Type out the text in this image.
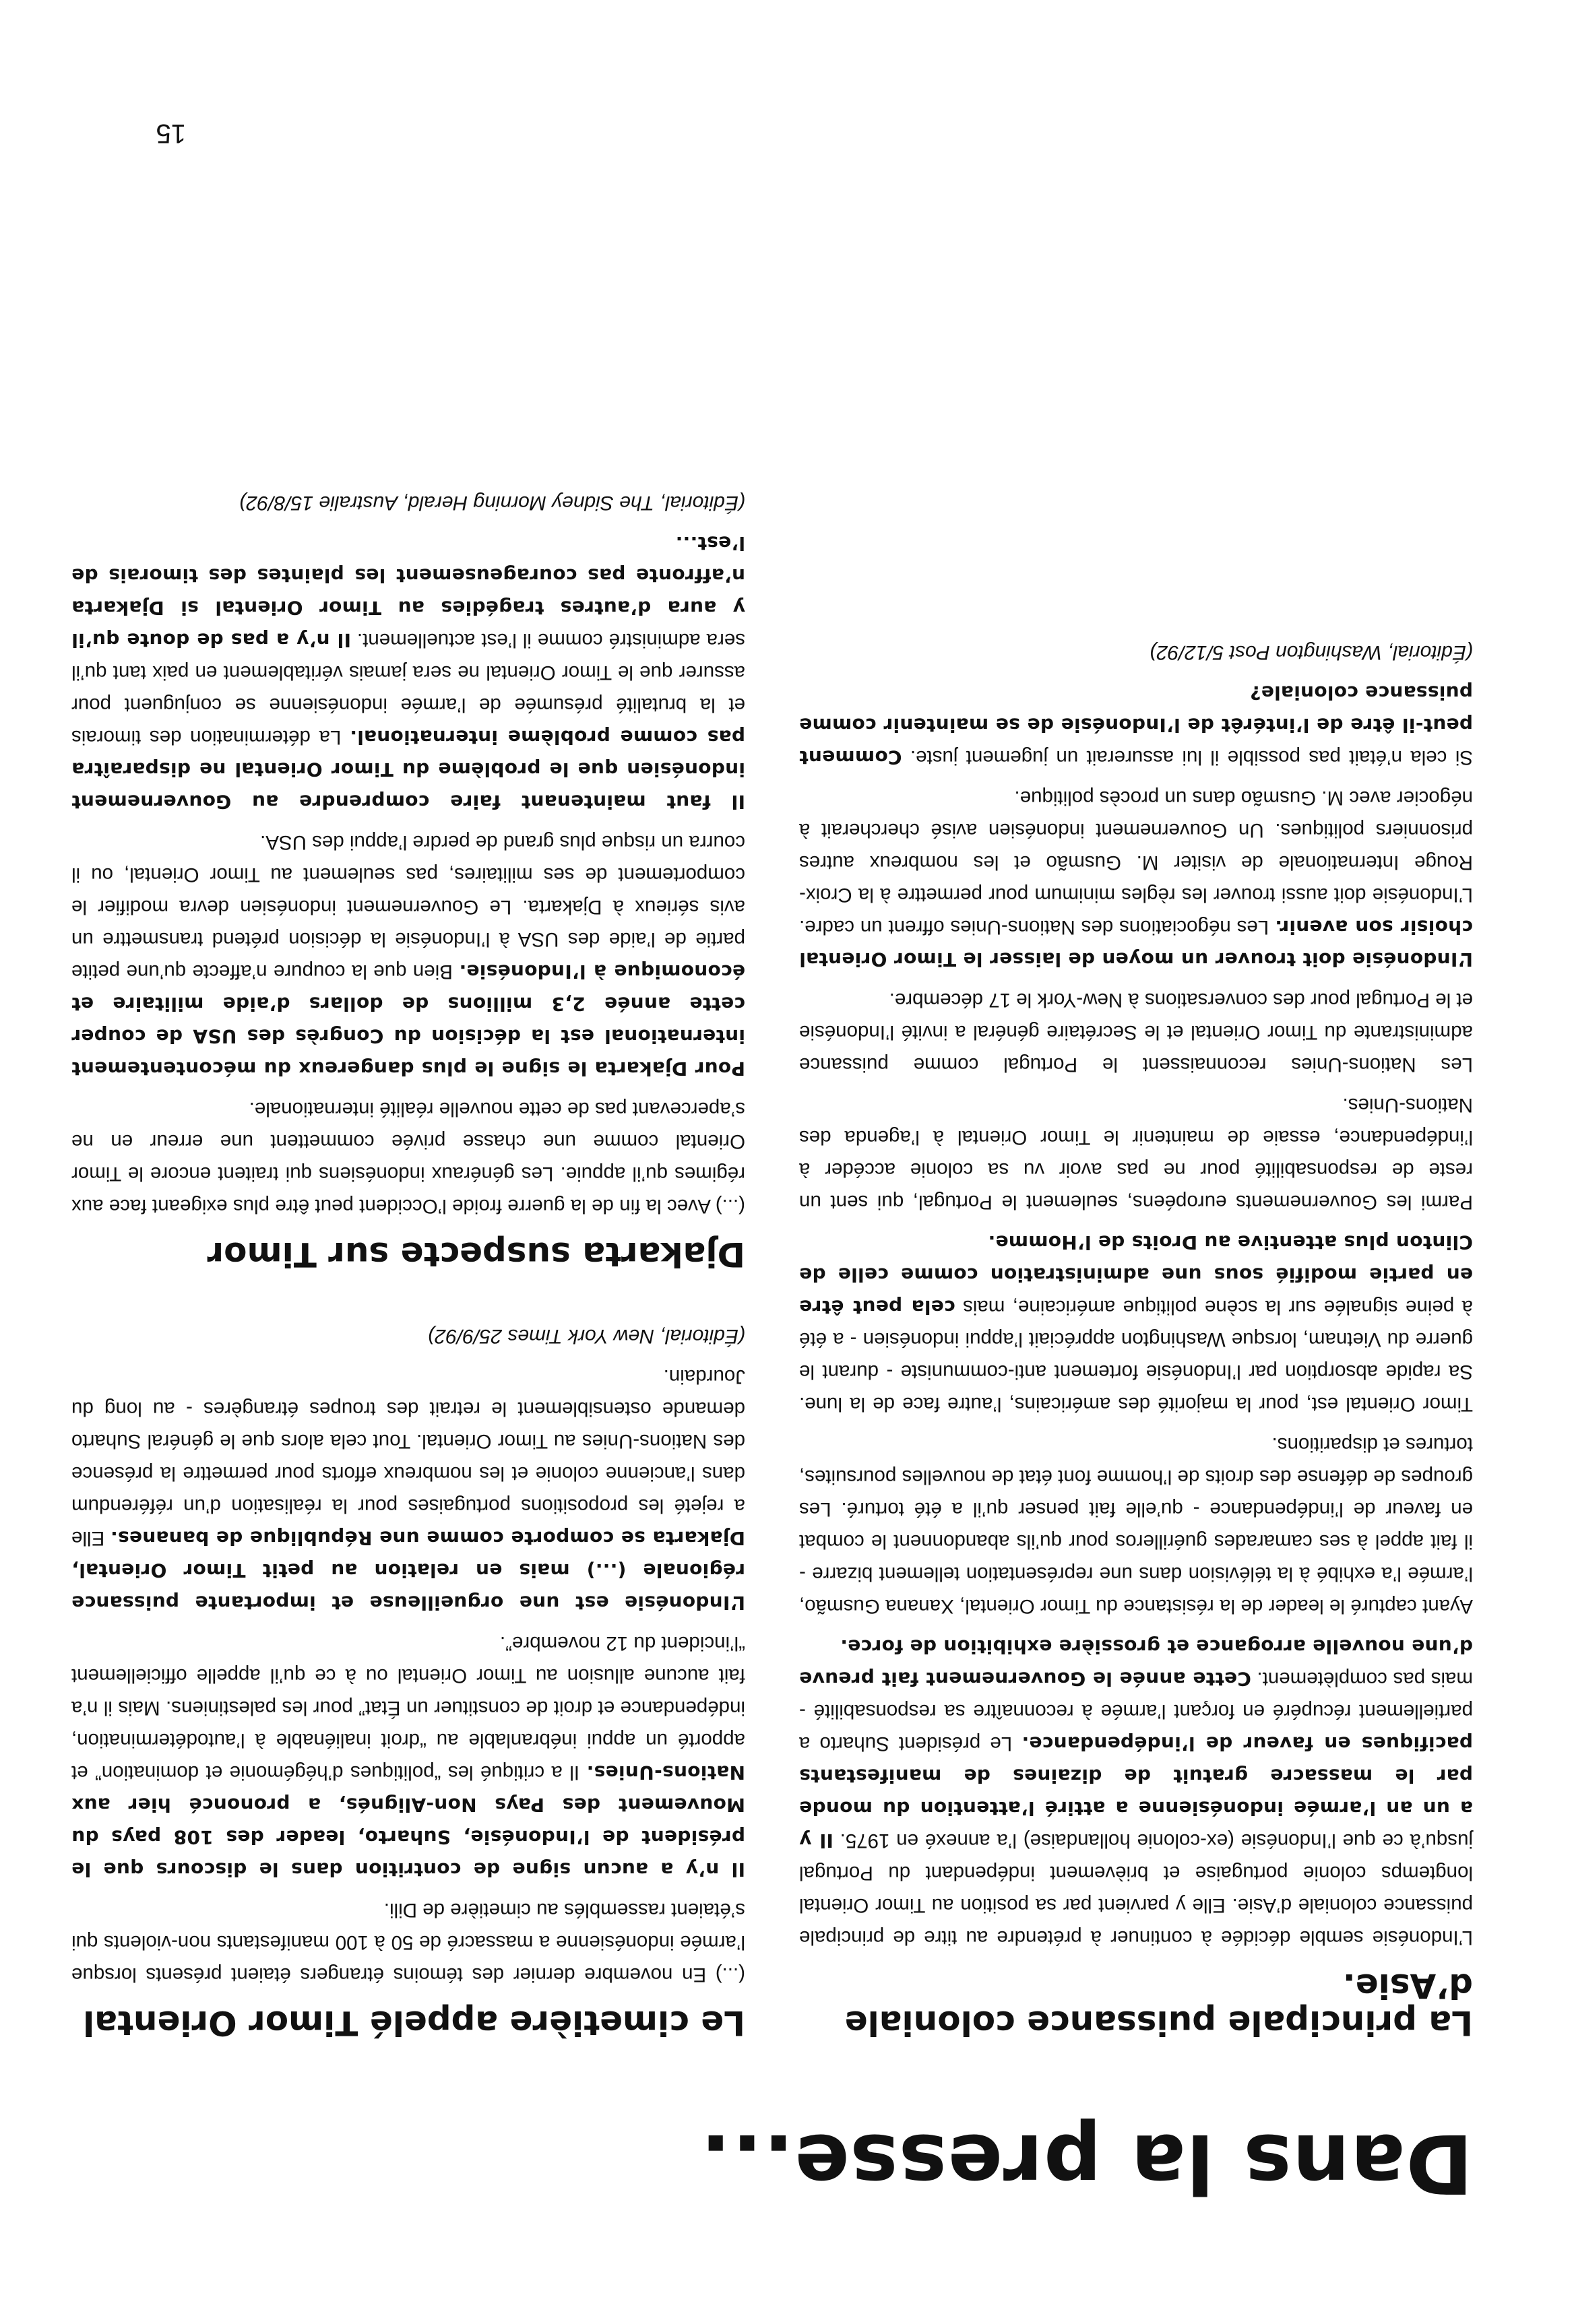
Dans la presse...
La principale puissance coloniale d’Asie.

L’Indonésie semble décidée à continuer à prétendre au titre de principale puissance coloniale d’Asie. Elle y parvient par sa position au Timor Oriental longtemps colonie portugaise et brièvement indépendant du Portugal jusqu’à ce que l’Indonésie (ex-colonie hollandaise) l’a annexé en 1975. Il y a un an l’armée indonésienne a attiré l’attention du monde par le massacre gratuit de dizaines de manifestants pacifiques en faveur de l’indépendance. Le président Suharto a partiellement récupéré en forçant l’armée à reconnaître sa responsabilité - mais pas complètement. Cette année le Gouvernement fait preuve d’une nouvelle arrogance et grossière exhibition de force.

Ayant capturé le leader de la résistance du Timor Oriental, Xanana Gusmão, l’armée l’a exhibé à la télévision dans une représentation tellement bizarre - il fait appel à ses camarades guérilleros pour qu’ils abandonnent le combat en faveur de l’indépendance - qu’elle fait penser qu’il a été torturé. Les groupes de défense des droits de l’homme font état de nouvelles poursuites, tortures et disparitions.

Timor Oriental est, pour la majorité des américains, l’autre face de la lune. Sa rapide absorption par l’Indonésie fortement anti-communiste - durant le guerre du Vietnam, lorsque Washington appréciait l’appui indonésien - a été à peine signalée sur la scène politique américaine, mais cela peut être en partie modifié sous une administration comme celle de Clinton plus attentive au Droits de l’Homme.

Parmi les Gouvernements européens, seulement le Portugal, qui sent un reste de responsabilité pour ne pas avoir vu sa colonie accéder à l’indépendance, essaie de maintenir le Timor Oriental à l’agenda des Nations-Unies.

Les Nations-Unies reconnaissent le Portugal comme puissance administrante du Timor Oriental et le Secrétaire général a invité l’Indonésie et le Portugal pour des conversations à New-York le 17 décembre.

L’Indonésie doit trouver un moyen de laisser le Timor Oriental choisir son avenir. Les négociations des Nations-Unies offrent un cadre. L’Indonésie doit aussi trouver les règles minimum pour permettre à la Croix-Rouge Internationale de visiter M. Gusmão et les nombreux autres prisonniers politiques. Un Gouvernement indonésien avisé chercherait à négocier avec M. Gusmão dans un procès politique.

Si cela n’était pas possible il lui assurerait un jugement juste. Comment peut-il être de l’intérêt de l’Indonésie de se maintenir comme puissance coloniale?

(Éditorial, Washington Post 5/12/92)
Le cimetière appelé Timor Oriental

(...) En novembre dernier des témoins étrangers étaient présents lorsque l’armée indonésienne a massacré de 50 à 100 manifestants non-violents qui s’étaient rassemblés au cimetière de Dili.

Il n’y a aucun signe de contrition dans le discours que le président de l’Indonésie, Suharto, leader des 108 pays du Mouvement des Pays Non-Alignés, a prononcé hier aux Nations-Unies. Il a critiqué les “politiques d’hégémonie et domination” et apporté un appui inébranlable au “droit inaliénable à l’autodétermination, indépendance et droit de constituer un État” pour les palestiniens. Mais il n’a fait aucune allusion au Timor Oriental ou à ce qu’il appelle officiellement “l’incident du 12 novembre”.

L’Indonésie est une orgueilleuse et importante puissance régionale (...) mais en relation au petit Timor Oriental, Djakarta se comporte comme une République de bananes. Elle a rejeté les propositions portugaises pour la réalisation d’un référendum dans l’ancienne colonie et les nombreux efforts pour permettre la présence des Nations-Unies au Timor Oriental. Tout cela alors que le général Suharto demande ostensiblement le retrait des troupes étrangères - au long du Jourdain.

(Éditorial, New York Times 25/9/92)
Djakarta suspecte sur Timor

(...) Avec la fin de la guerre froide l’Occident peut être plus exigeant face aux régimes qu’il appuie. Les généraux indonésiens qui traitent encore le Timor Oriental comme une chasse privée commettent une erreur en ne s’apercevant pas de cette nouvelle réalité internationale.

Pour Djakarta le signe le plus dangereux du mécontentement international est la décision du Congrès des USA de couper cette année 2,3 millions de dollars d’aide militaire et économique à l’Indonésie. Bien que la coupure n’affecte qu’une petite partie de l’aide des USA à l’Indonésie la décision prétend transmettre un avis sérieux à Djakarta. Le Gouvernement indonésien devra modifier le comportement de ses militaires, pas seulement au Timor Oriental, ou il courra un risque plus grand de perdre l’appui des USA.

Il faut maintenant faire comprendre au Gouvernement indonésien que le problème du Timor Oriental ne disparaîtra pas comme problème international. La détermination des timorais et la brutalité présumée de l’armée indonésienne se conjuguent pour assurer que le Timor Oriental ne sera jamais véritablement en paix tant qu’il sera administré comme il l’est actuellement. Il n’y a pas de doute qu’il y aura d’autres tragédies au Timor Oriental si Djakarta n’affronte pas courageusement les plaintes des timorais de l’est...

(Éditorial, The Sidney Morning Herald, Australie 15/8/92)
15
